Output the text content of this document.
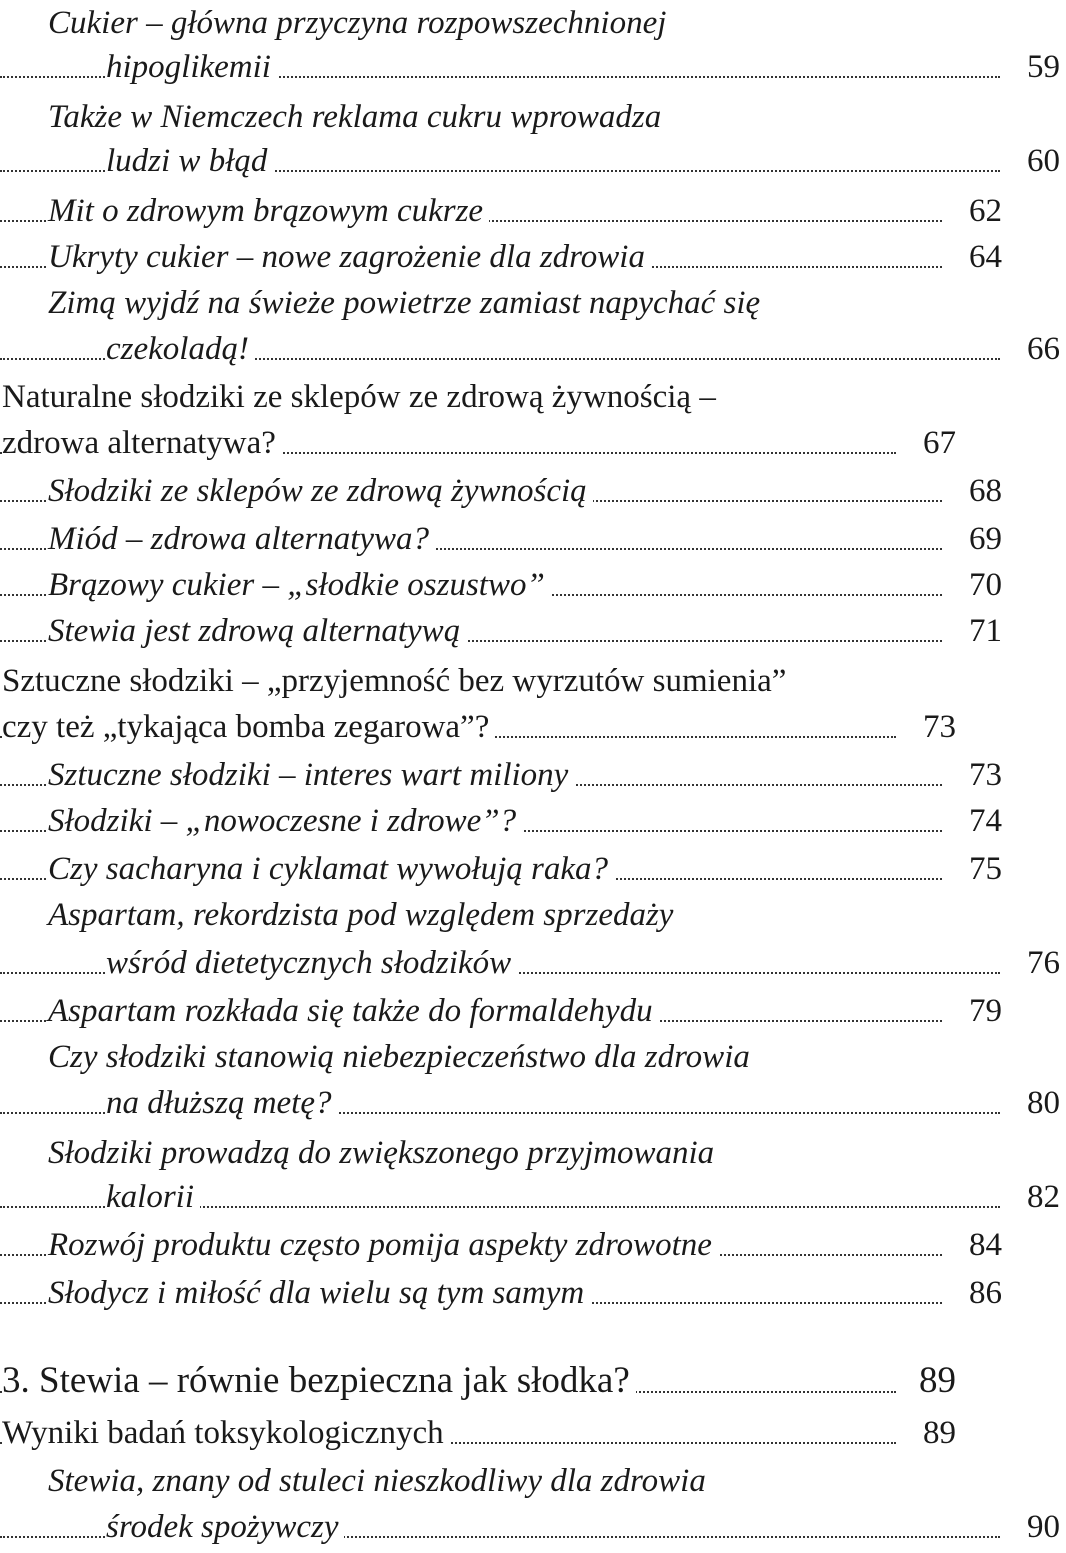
Cukier – główna przyczyna rozpowszechnionej
hipoglikemii	59
Także w Niemczech reklama cukru wprowadza
ludzi w błąd	60
Mit o zdrowym brązowym cukrze	62
Ukryty cukier – nowe zagrożenie dla zdrowia	64
Zimą wyjdź na świeże powietrze zamiast napychać się
czekoladą!	66
Naturalne słodziki ze sklepów ze zdrową żywnością –
zdrowa alternatywa?	67
Słodziki ze sklepów ze zdrową żywnością	68
Miód – zdrowa alternatywa?	69
Brązowy cukier – „słodkie oszustwo”	70
Stewia jest zdrową alternatywą	71
Sztuczne słodziki – „przyjemność bez wyrzutów sumienia”
czy też „tykająca bomba zegarowa”?	73
Sztuczne słodziki – interes wart miliony	73
Słodziki – „nowoczesne i zdrowe”?	74
Czy sacharyna i cyklamat wywołują raka?	75
Aspartam, rekordzista pod względem sprzedaży
wśród dietetycznych słodzików	76
Aspartam rozkłada się także do formaldehydu	79
Czy słodziki stanowią niebezpieczeństwo dla zdrowia
na dłuższą metę?	80
Słodziki prowadzą do zwiększonego przyjmowania
kalorii	82
Rozwój produktu często pomija aspekty zdrowotne	84
Słodycz i miłość dla wielu są tym samym	86
3. Stewia – równie bezpieczna jak słodka?	89
Wyniki badań toksykologicznych	89
Stewia, znany od stuleci nieszkodliwy dla zdrowia
środek spożywczy	90
